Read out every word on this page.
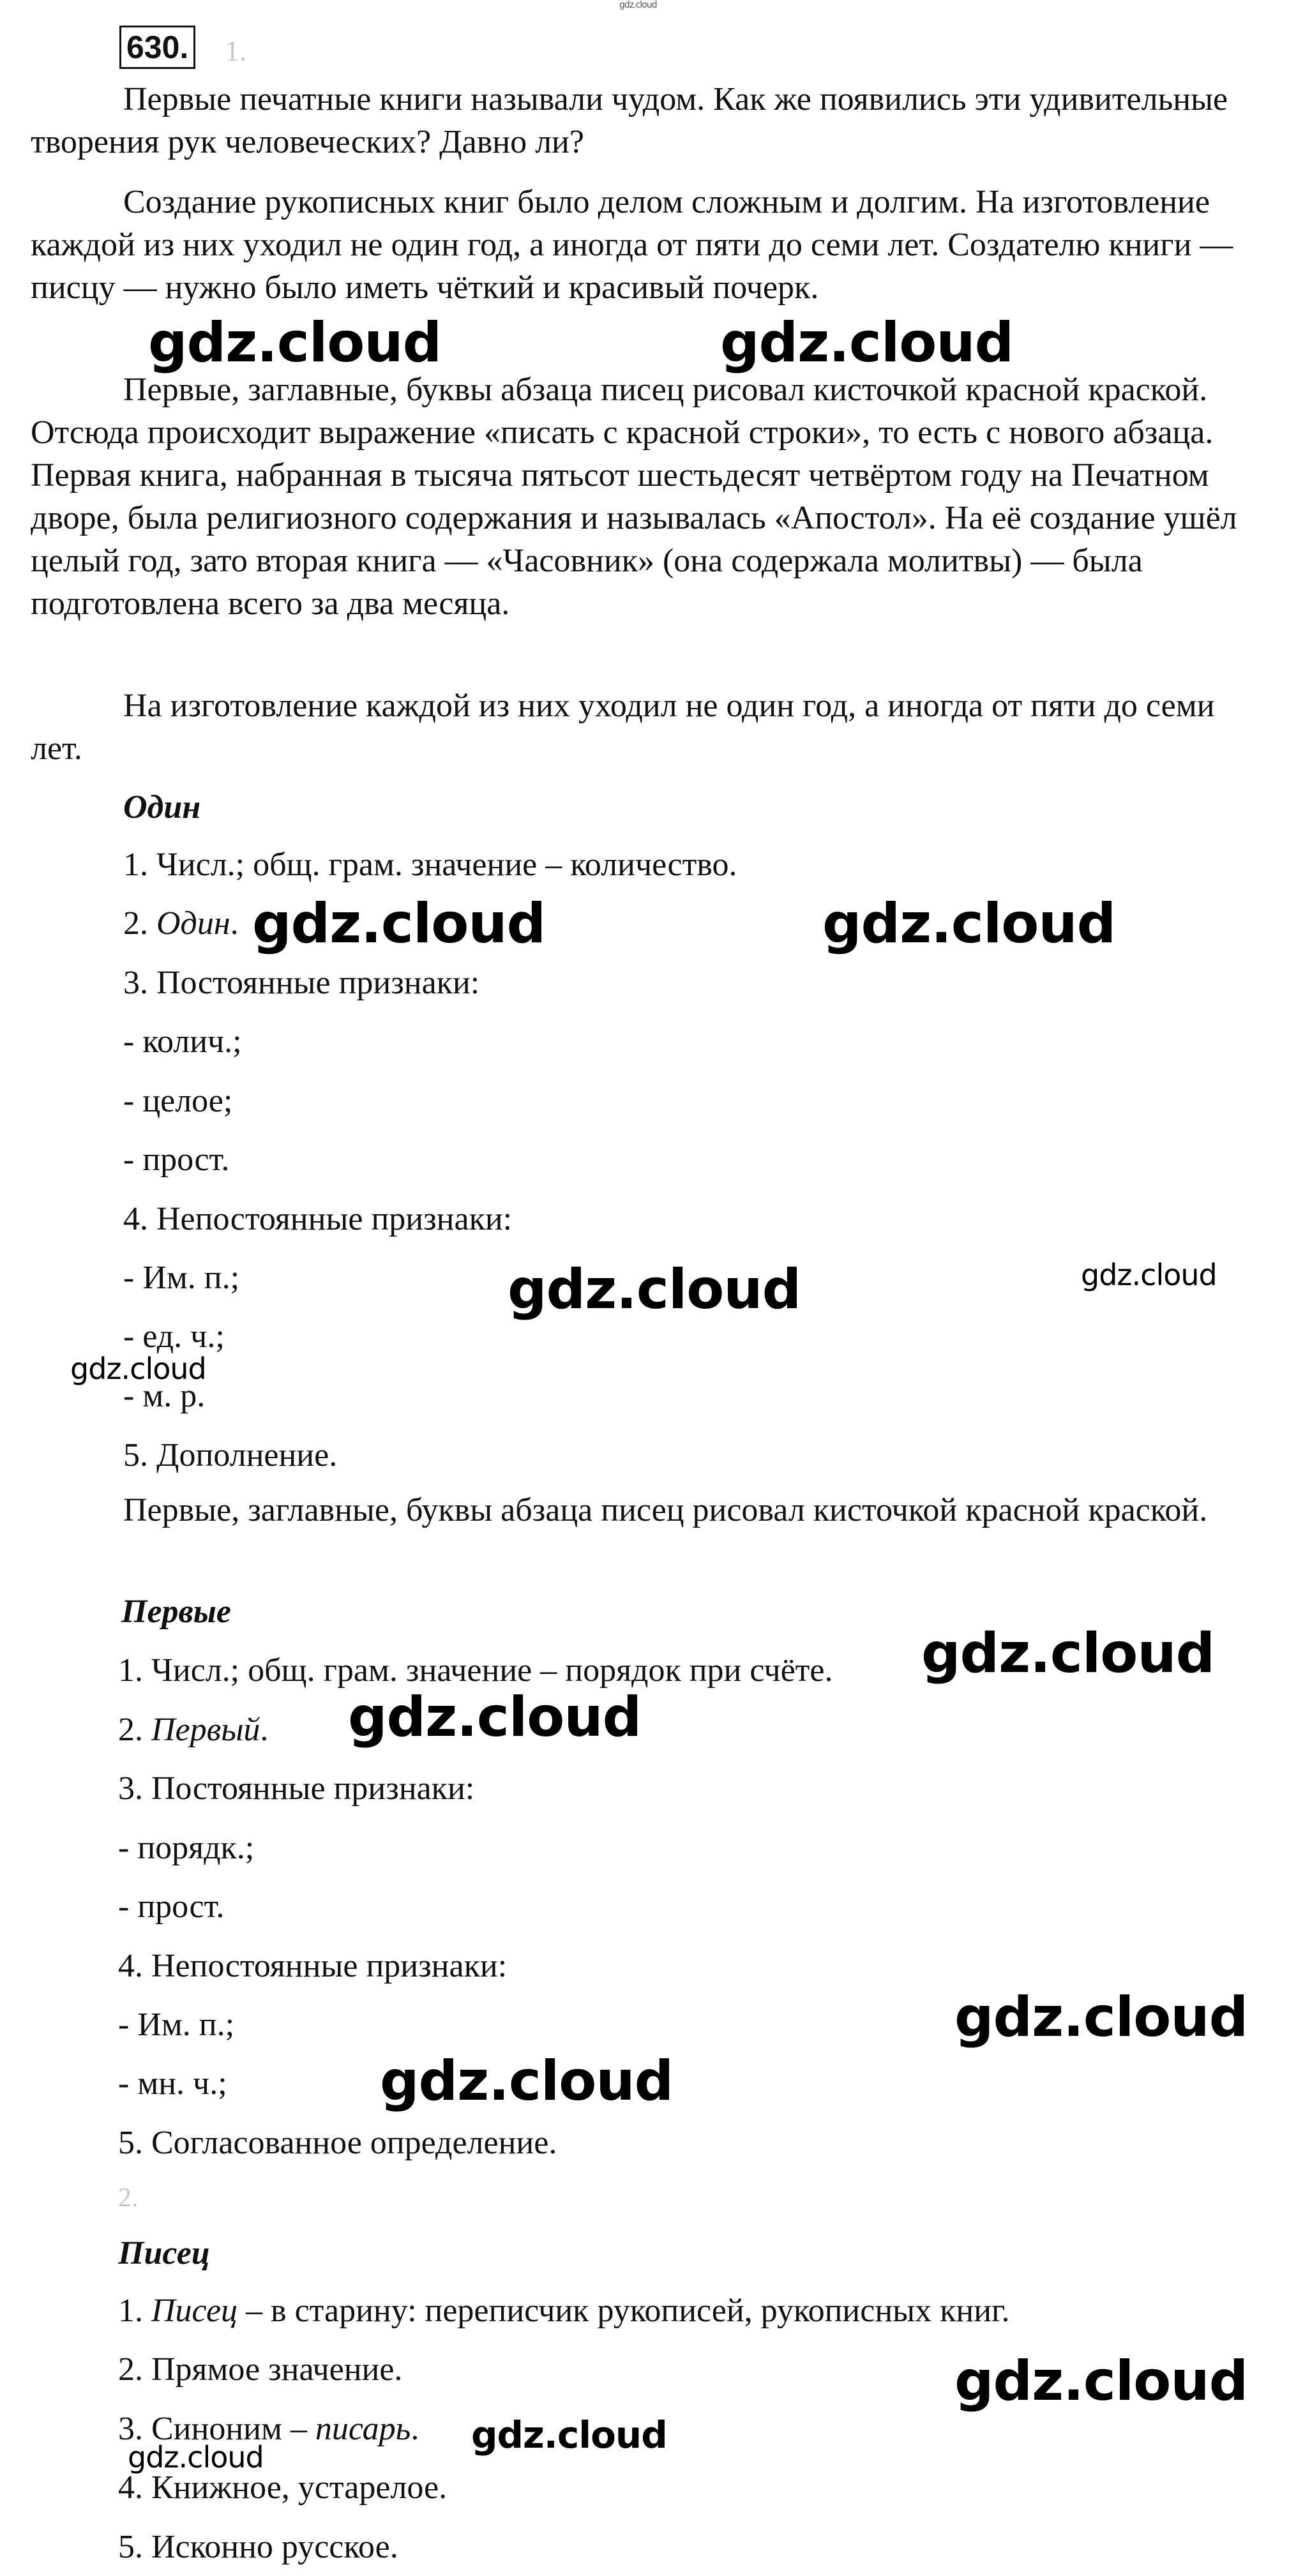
gdz.cloud
630. 1.

Первые печатные книги называли чудом. Как же появились эти удивительные творения рук человеческих? Давно ли?

Создание рукописных книг было делом сложным и долгим. На изготовление каждой из них уходил не один год, а иногда от пяти до семи лет. Создателю книги — писцу — нужно было иметь чёткий и красивый почерк.

Первые, заглавные, буквы абзаца писец рисовал кисточкой красной краской. Отсюда происходит выражение «писать с красной строки», то есть с нового абзаца. Первая книга, набранная в тысяча пятьсот шестьдесят четвёртом году на Печатном дворе, была религиозного содержания и называлась «Апостол». На её создание ушёл целый год, зато вторая книга — «Часовник» (она содержала молитвы) — была подготовлена всего за два месяца.

На изготовление каждой из них уходил не один год, а иногда от пяти до семи лет.

Один
1. Числ.; общ. грам. значение – количество.
2. Один.
3. Постоянные признаки:
- колич.;
- целое;
- прост.
4. Непостоянные признаки:
- Им. п.;
- ед. ч.;
- м. р.
5. Дополнение.

Первые, заглавные, буквы абзаца писец рисовал кисточкой красной краской.

Первые
1. Числ.; общ. грам. значение – порядок при счёте.
2. Первый.
3. Постоянные признаки:
- порядк.;
- прост.
4. Непостоянные признаки:
- Им. п.;
- мн. ч.;
5. Согласованное определение.
2.
Писец
1. Писец – в старину: переписчик рукописей, рукописных книг.
2. Прямое значение.
3. Синоним – писарь.
4. Книжное, устарелое.
5. Исконно русское.
gdz.cloud	gdz.cloud
gdz.cloud	gdz.cloud
gdz.cloud	gdz.cloud
gdz.cloud
gdz.cloud
gdz.cloud
gdz.cloud
gdz.cloud
gdz.cloud
gdz.cloud
gdz.cloud
